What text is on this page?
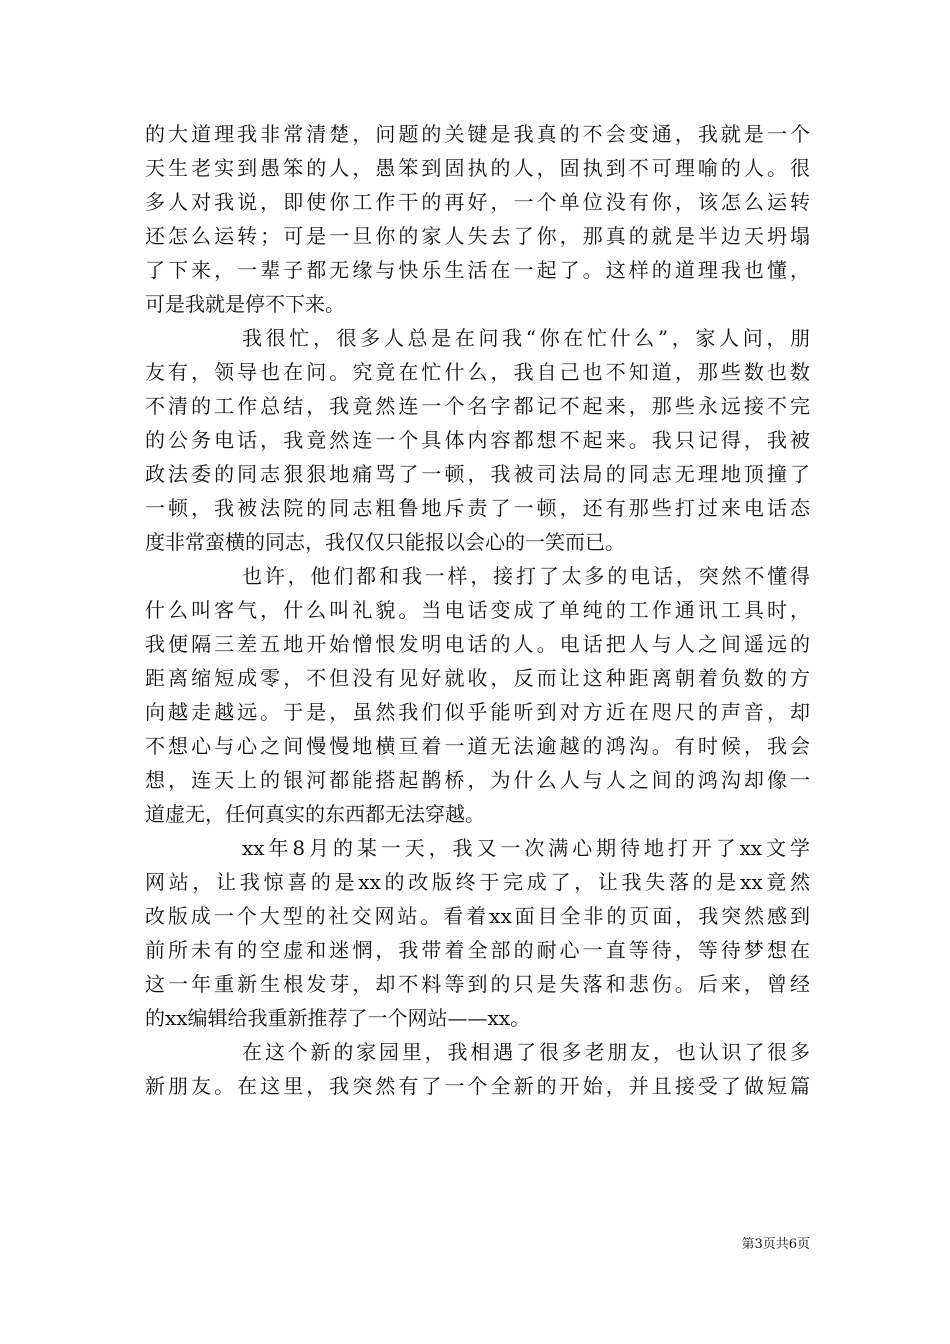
的大道理我非常清楚，问题的关键是我真的不会变通，我就是一个
天生老实到愚笨的人，愚笨到固执的人，固执到不可理喻的人。很
多人对我说，即使你工作干的再好，一个单位没有你，该怎么运转
还怎么运转；可是一旦你的家人失去了你，那真的就是半边天坍塌
了下来，一辈子都无缘与快乐生活在一起了。这样的道理我也懂，
可是我就是停不下来。
我很忙，很多人总是在问我“你在忙什么”，家人问，朋
友有，领导也在问。究竟在忙什么，我自己也不知道，那些数也数
不清的工作总结，我竟然连一个名字都记不起来，那些永远接不完
的公务电话，我竟然连一个具体内容都想不起来。我只记得，我被
政法委的同志狠狠地痛骂了一顿，我被司法局的同志无理地顶撞了
一顿，我被法院的同志粗鲁地斥责了一顿，还有那些打过来电话态
度非常蛮横的同志，我仅仅只能报以会心的一笑而已。
也许，他们都和我一样，接打了太多的电话，突然不懂得
什么叫客气，什么叫礼貌。当电话变成了单纯的工作通讯工具时，
我便隔三差五地开始憎恨发明电话的人。电话把人与人之间遥远的
距离缩短成零，不但没有见好就收，反而让这种距离朝着负数的方
向越走越远。于是，虽然我们似乎能听到对方近在咫尺的声音，却
不想心与心之间慢慢地横亘着一道无法逾越的鸿沟。有时候，我会
想，连天上的银河都能搭起鹊桥，为什么人与人之间的鸿沟却像一
道虚无，任何真实的东西都无法穿越。
xx年8月的某一天，我又一次满心期待地打开了xx文学
网站，让我惊喜的是xx的改版终于完成了，让我失落的是xx竟然
改版成一个大型的社交网站。看着xx面目全非的页面，我突然感到
前所未有的空虚和迷惘，我带着全部的耐心一直等待，等待梦想在
这一年重新生根发芽，却不料等到的只是失落和悲伤。后来，曾经
的xx编辑给我重新推荐了一个网站——xx。
在这个新的家园里，我相遇了很多老朋友，也认识了很多
新朋友。在这里，我突然有了一个全新的开始，并且接受了做短篇
第3页共6页
